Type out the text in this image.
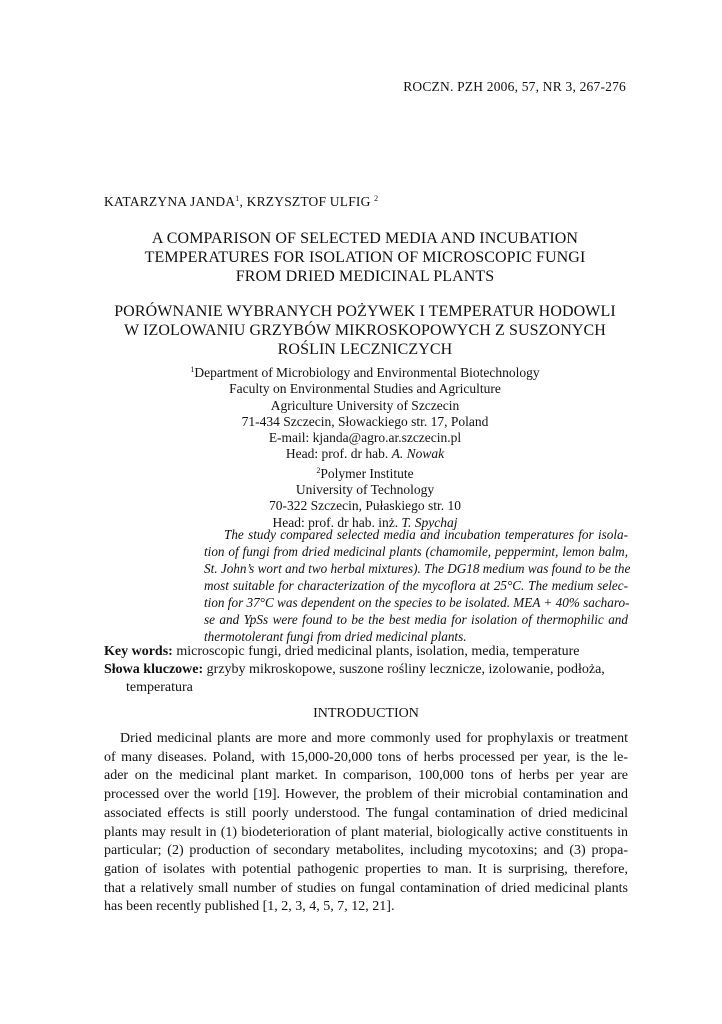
ROCZN. PZH 2006, 57, NR 3, 267-276
KATARZYNA JANDA$^1$, KRZYSZTOF ULFIG $^2$
A COMPARISON OF SELECTED MEDIA AND INCUBATION
TEMPERATURES FOR ISOLATION OF MICROSCOPIC FUNGI
FROM DRIED MEDICINAL PLANTS
PORÓWNANIE WYBRANYCH POŻYWEK I TEMPERATUR HODOWLI
W IZOLOWANIU GRZYBÓW MIKROSKOPOWYCH Z SUSZONYCH
ROŚLIN LECZNICZYCH
$^1$Department of Microbiology and Environmental Biotechnology
Faculty on Environmental Studies and Agriculture
Agriculture University of Szczecin
71-434 Szczecin, Słowackiego str. 17, Poland
E-mail: kjanda@agro.ar.szczecin.pl
Head: prof. dr hab. A. Nowak
$^2$Polymer Institute
University of Technology
70-322 Szczecin, Pułaskiego str. 10
Head: prof. dr hab. inż. T. Spychaj
The study compared selected media and incubation temperatures for isola-
tion of fungi from dried medicinal plants (chamomile, peppermint, lemon balm,
St. John’s wort and two herbal mixtures). The DG18 medium was found to be the
most suitable for characterization of the mycoflora at 25°C. The medium selec-
tion for 37°C was dependent on the species to be isolated. MEA + 40% sacharo-
se and YpSs were found to be the best media for isolation of thermophilic and
thermotolerant fungi from dried medicinal plants.
Key words: microscopic fungi, dried medicinal plants, isolation, media, temperature
Słowa kluczowe: grzyby mikroskopowe, suszone rośliny lecznicze, izolowanie, podłoża,
temperatura
INTRODUCTION
Dried medicinal plants are more and more commonly used for prophylaxis or treatment
of many diseases. Poland, with 15,000-20,000 tons of herbs processed per year, is the le-
ader on the medicinal plant market. In comparison, 100,000 tons of herbs per year are
processed over the world [19]. However, the problem of their microbial contamination and
associated effects is still poorly understood. The fungal contamination of dried medicinal
plants may result in (1) biodeterioration of plant material, biologically active constituents in
particular; (2) production of secondary metabolites, including mycotoxins; and (3) propa-
gation of isolates with potential pathogenic properties to man. It is surprising, therefore,
that a relatively small number of studies on fungal contamination of dried medicinal plants
has been recently published [1, 2, 3, 4, 5, 7, 12, 21].
